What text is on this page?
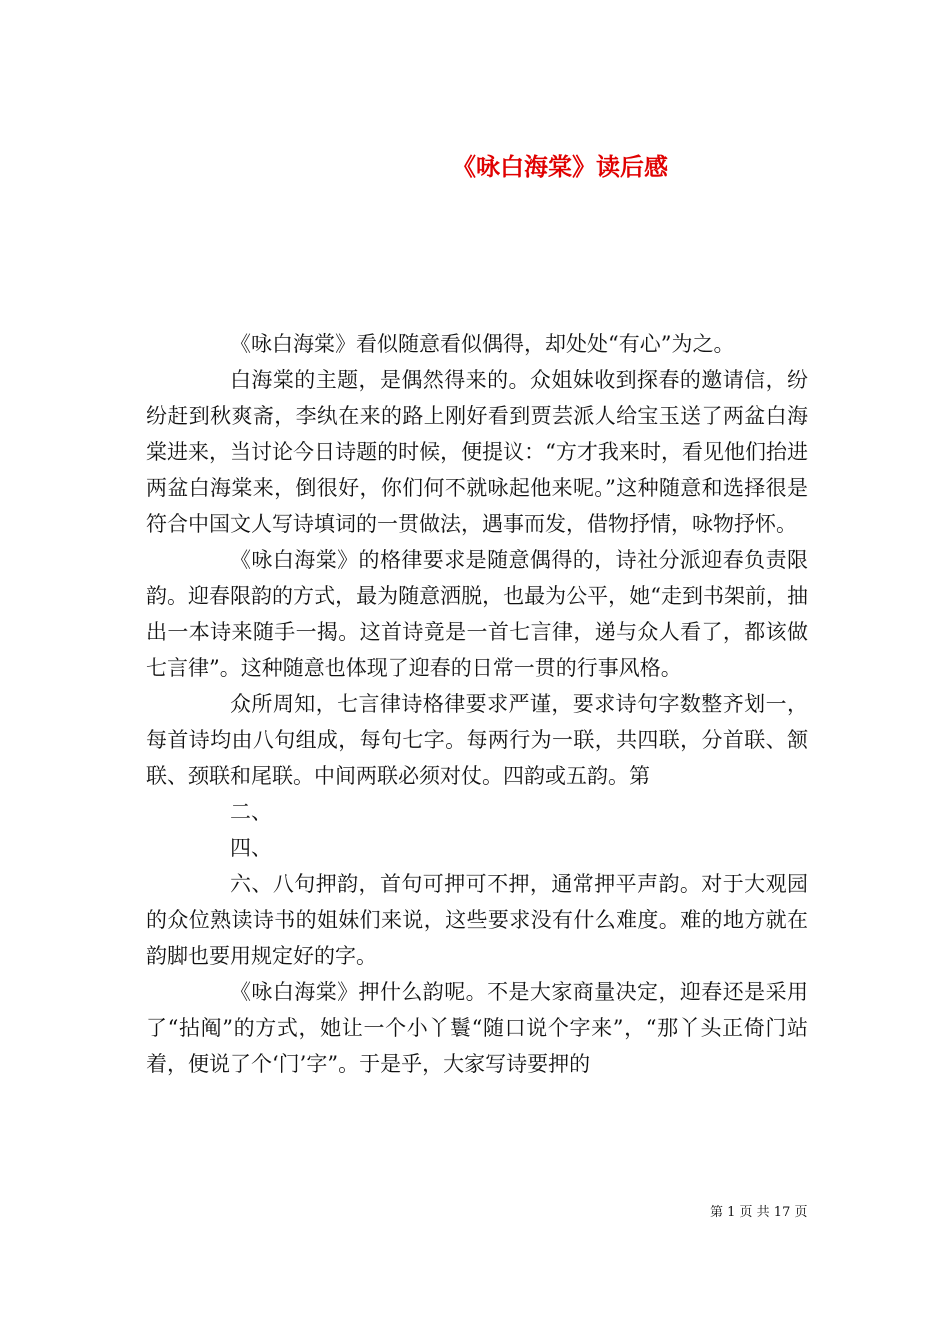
《咏白海棠》读后感

《咏白海棠》看似随意看似偶得，却处处“有心”为之。

白海棠的主题，是偶然得来的。众姐妹收到探春的邀请信，纷纷赶到秋爽斋，李纨在来的路上刚好看到贾芸派人给宝玉送了两盆白海棠进来，当讨论今日诗题的时候，便提议：“方才我来时，看见他们抬进两盆白海棠来，倒很好，你们何不就咏起他来呢。”这种随意和选择很是符合中国文人写诗填词的一贯做法，遇事而发，借物抒情，咏物抒怀。

《咏白海棠》的格律要求是随意偶得的，诗社分派迎春负责限韵。迎春限韵的方式，最为随意洒脱，也最为公平，她“走到书架前，抽出一本诗来随手一揭。这首诗竟是一首七言律，递与众人看了，都该做七言律”。这种随意也体现了迎春的日常一贯的行事风格。

众所周知，七言律诗格律要求严谨，要求诗句字数整齐划一，每首诗均由八句组成，每句七字。每两行为一联，共四联，分首联、颔联、颈联和尾联。中间两联必须对仗。四韵或五韵。第

二、

四、

六、八句押韵，首句可押可不押，通常押平声韵。对于大观园的众位熟读诗书的姐妹们来说，这些要求没有什么难度。难的地方就在韵脚也要用规定好的字。

《咏白海棠》押什么韵呢。不是大家商量决定，迎春还是采用了“拈阄”的方式，她让一个小丫鬟“随口说个字来”，“那丫头正倚门站着，便说了个‘门’字”。于是乎，大家写诗要押的

第 1 页 共 17 页
